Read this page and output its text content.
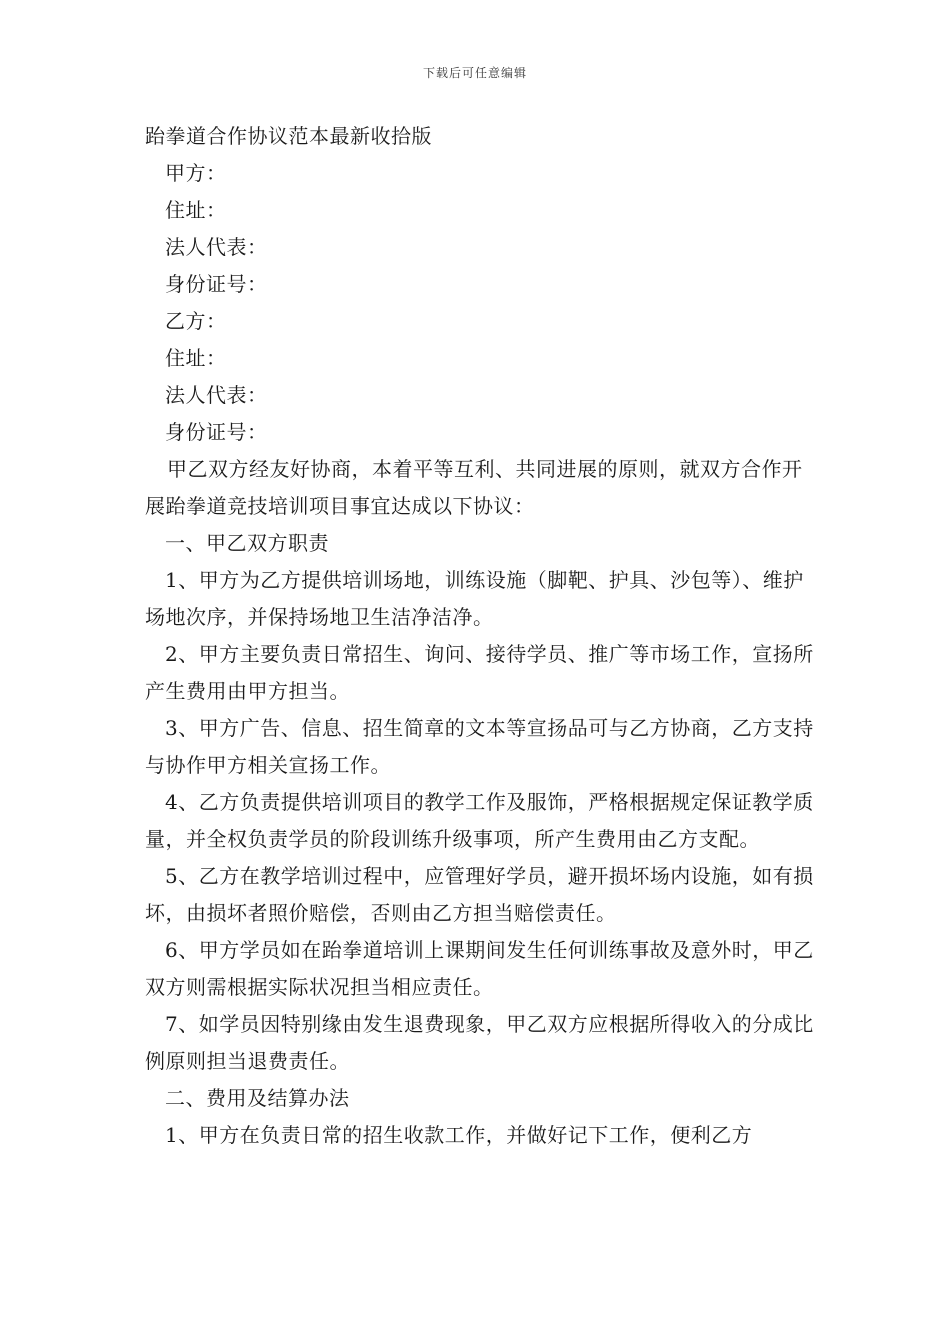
下载后可任意编辑
跆拳道合作协议范本最新收拾版
甲方：
住址：
法人代表：
身份证号：
乙方：
住址：
法人代表：
身份证号：
甲乙双方经友好协商，本着平等互利、共同进展的原则，就双方合作开展跆拳道竞技培训项目事宜达成以下协议：
一、甲乙双方职责
1、甲方为乙方提供培训场地，训练设施（脚靶、护具、沙包等）、维护场地次序，并保持场地卫生洁净洁净。
2、甲方主要负责日常招生、询问、接待学员、推广等市场工作，宣扬所产生费用由甲方担当。
3、甲方广告、信息、招生简章的文本等宣扬品可与乙方协商，乙方支持与协作甲方相关宣扬工作。
4、乙方负责提供培训项目的教学工作及服饰，严格根据规定保证教学质量，并全权负责学员的阶段训练升级事项，所产生费用由乙方支配。
5、乙方在教学培训过程中，应管理好学员，避开损坏场内设施，如有损坏，由损坏者照价赔偿，否则由乙方担当赔偿责任。
6、甲方学员如在跆拳道培训上课期间发生任何训练事故及意外时，甲乙双方则需根据实际状况担当相应责任。
7、如学员因特别缘由发生退费现象，甲乙双方应根据所得收入的分成比例原则担当退费责任。
二、费用及结算办法
1、甲方在负责日常的招生收款工作，并做好记下工作，便利乙方
